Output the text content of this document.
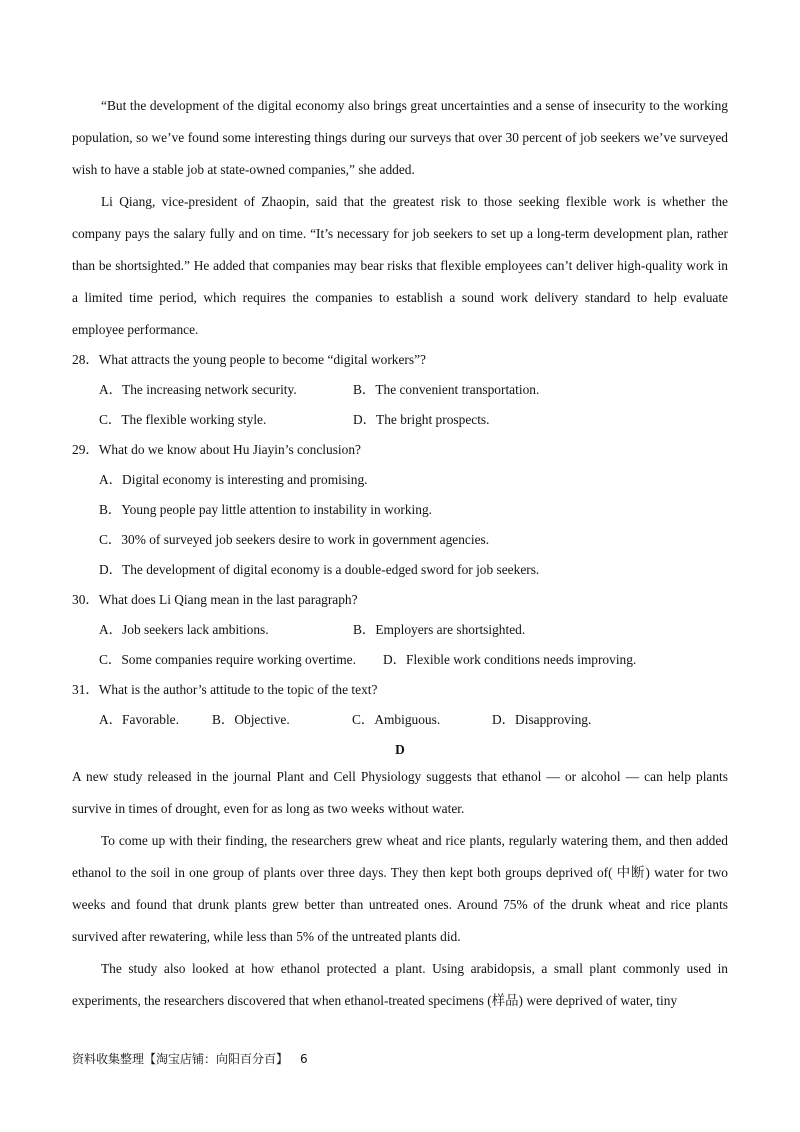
“But the development of the digital economy also brings great uncertainties and a sense of insecurity to the working population, so we’ve found some interesting things during our surveys that over 30 percent of job seekers we’ve surveyed wish to have a stable job at state-owned companies,” she added.

Li Qiang, vice-president of Zhaopin, said that the greatest risk to those seeking flexible work is whether the company pays the salary fully and on time. “It’s necessary for job seekers to set up a long-term development plan, rather than be shortsighted.” He added that companies may bear risks that flexible employees can’t deliver high-quality work in a limited time period, which requires the companies to establish a sound work delivery standard to help evaluate employee performance.

28．What attracts the young people to become “digital workers”?
A．The increasing network security.	B．The convenient transportation.
C．The flexible working style.	D．The bright prospects.
29．What do we know about Hu Jiayin’s conclusion?
A．Digital economy is interesting and promising.
B．Young people pay little attention to instability in working.
C．30% of surveyed job seekers desire to work in government agencies.
D．The development of digital economy is a double-edged sword for job seekers.
30．What does Li Qiang mean in the last paragraph?
A．Job seekers lack ambitions.	B．Employers are shortsighted.
C．Some companies require working overtime. D．Flexible work conditions needs improving.
31．What is the author’s attitude to the topic of the text?
A．Favorable. B．Objective.	C．Ambiguous.	D．Disapproving.
D

A new study released in the journal Plant and Cell Physiology suggests that ethanol — or alcohol — can help plants survive in times of drought, even for as long as two weeks without water.

To come up with their finding, the researchers grew wheat and rice plants, regularly watering them, and then added ethanol to the soil in one group of plants over three days. They then kept both groups deprived of( 中断) water for two weeks and found that drunk plants grew better than untreated ones. Around 75% of the drunk wheat and rice plants survived after rewatering, while less than 5% of the untreated plants did.

The study also looked at how ethanol protected a plant. Using arabidopsis, a small plant commonly used in experiments, the researchers discovered that when ethanol-treated specimens (样品) were deprived of water, tiny

资料收集整理【淘宝店铺：向阳百分百】 6
